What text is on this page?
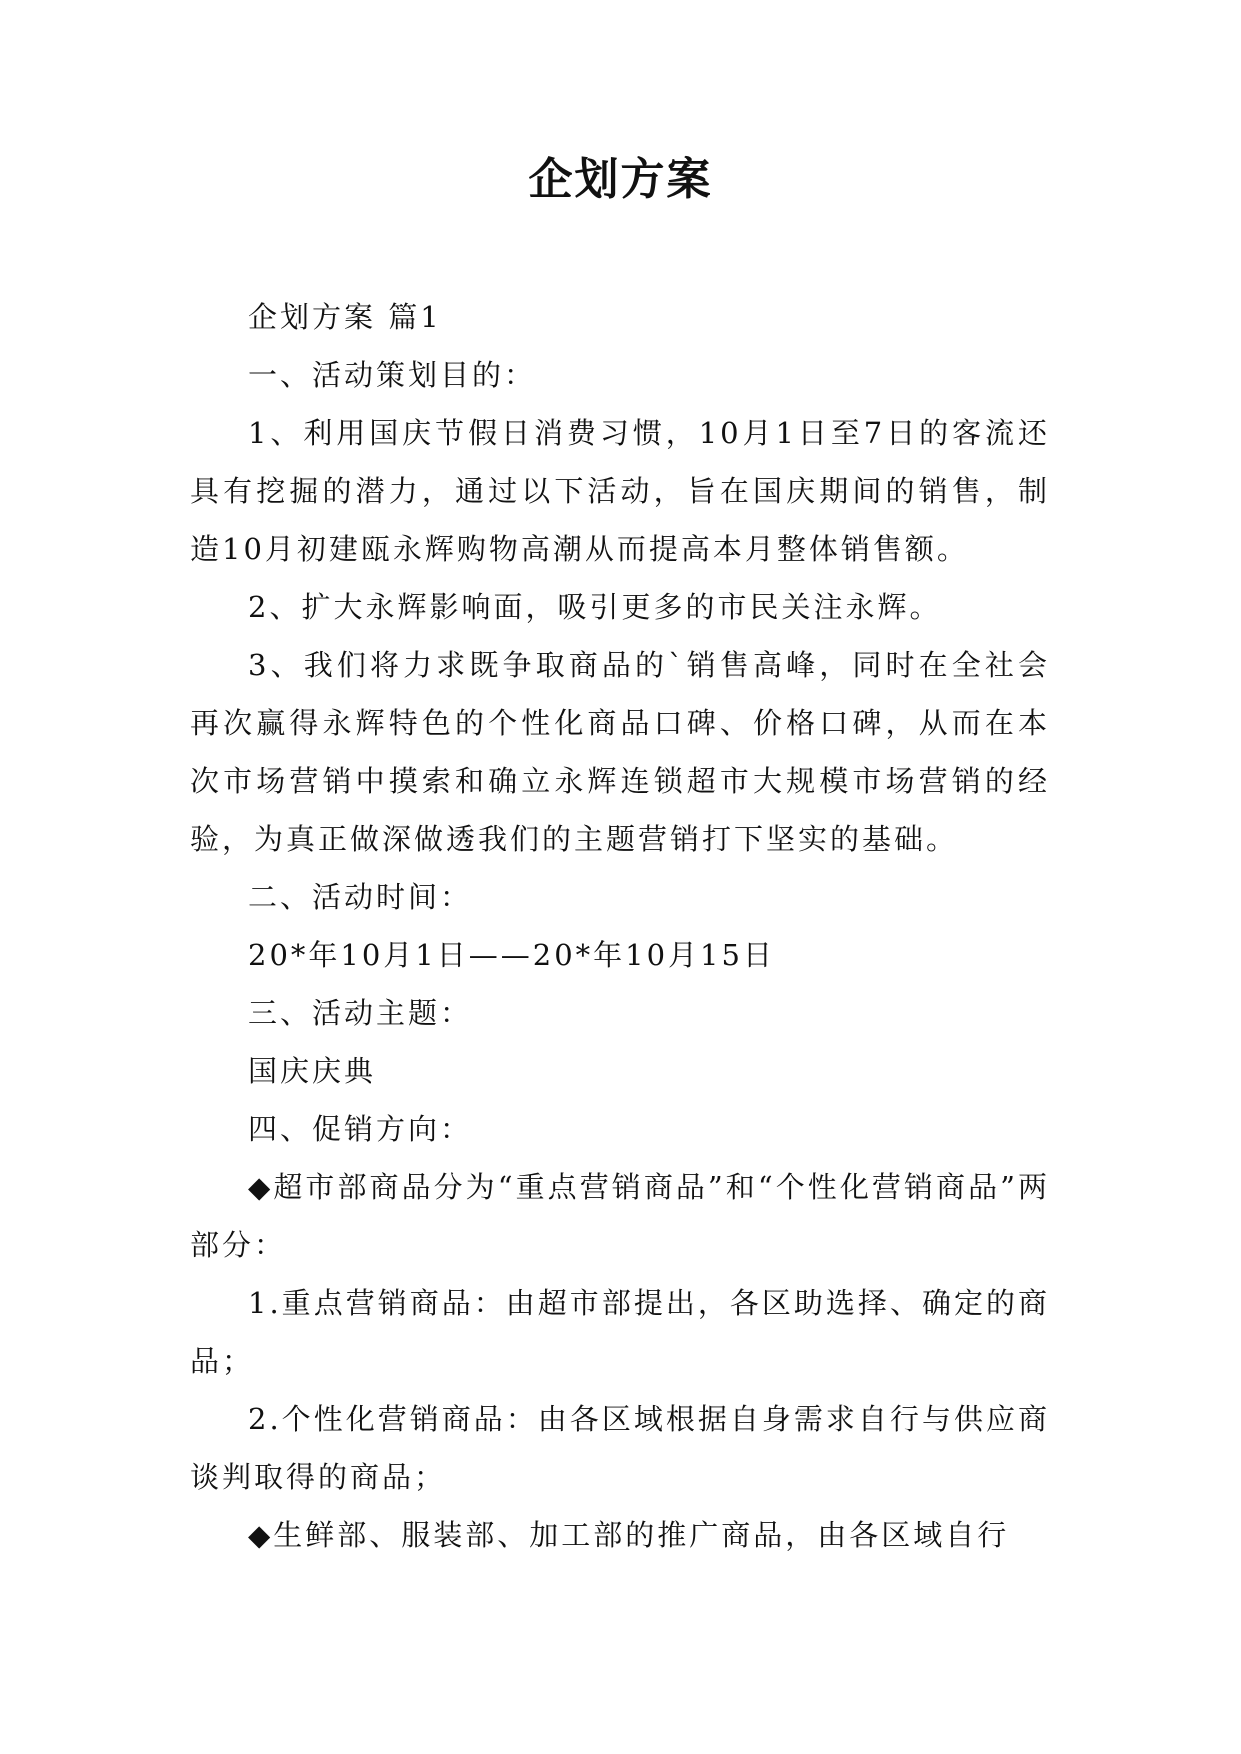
企划方案

企划方案 篇1

一、活动策划目的：

1、利用国庆节假日消费习惯，10月1日至7日的客流还具有挖掘的潜力，通过以下活动，旨在国庆期间的销售，制造10月初建瓯永辉购物高潮从而提高本月整体销售额。

2、扩大永辉影响面，吸引更多的市民关注永辉。

3、我们将力求既争取商品的`销售高峰，同时在全社会再次赢得永辉特色的个性化商品口碑、价格口碑，从而在本次市场营销中摸索和确立永辉连锁超市大规模市场营销的经验，为真正做深做透我们的主题营销打下坚实的基础。

二、活动时间：

20*年10月1日——20*年10月15日

三、活动主题：

国庆庆典

四、促销方向：

◆超市部商品分为“重点营销商品”和“个性化营销商品”两部分：

1.重点营销商品：由超市部提出，各区助选择、确定的商品；

2.个性化营销商品：由各区域根据自身需求自行与供应商谈判取得的商品；

◆生鲜部、服装部、加工部的推广商品，由各区域自行
